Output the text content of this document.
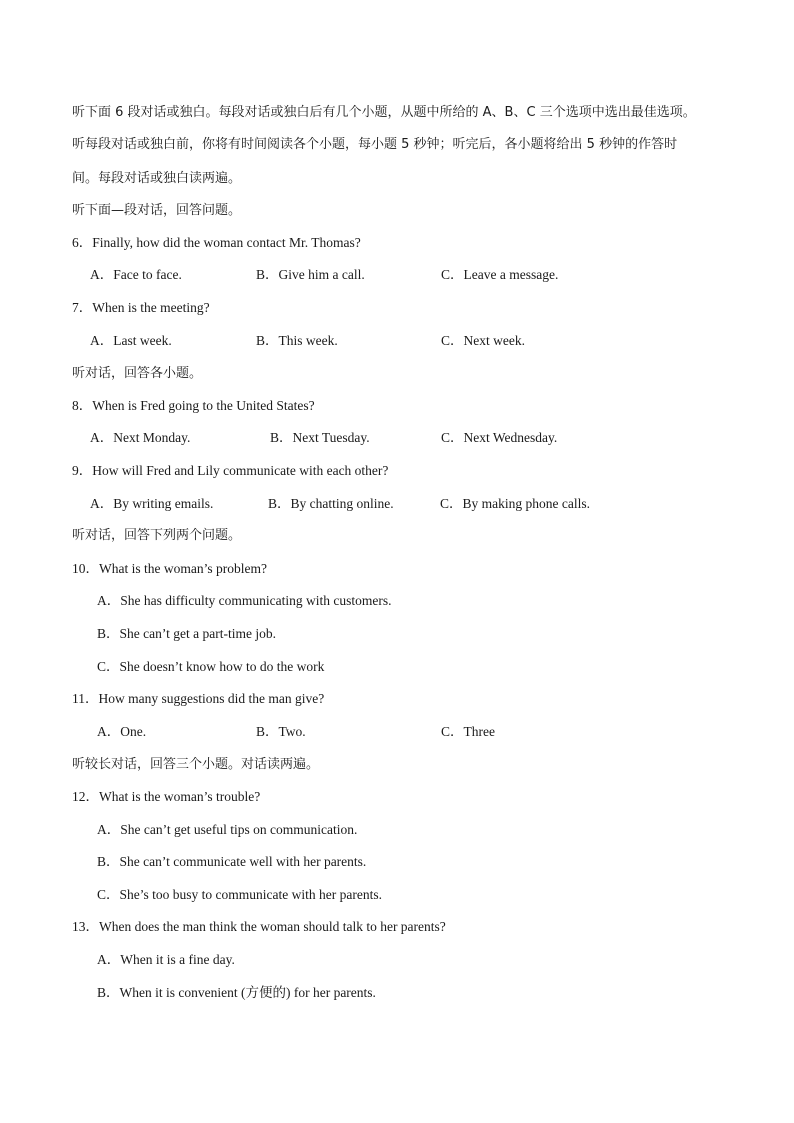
听下面 6 段对话或独白。每段对话或独白后有几个小题，从题中所给的 A、B、C 三个选项中选出最佳选项。
听每段对话或独白前，你将有时间阅读各个小题，每小题 5 秒钟；听完后，各小题将给出 5 秒钟的作答时
间。每段对话或独白读两遍。
听下面—段对话，回答问题。
6．Finally, how did the woman contact Mr. Thomas?
A．Face to face.	B．Give him a call.	C．Leave a message.
7．When is the meeting?
A．Last week.	B．This week.	C．Next week.
听对话，回答各小题。
8．When is Fred going to the United States?
A．Next Monday.	B．Next Tuesday.	C．Next Wednesday.
9．How will Fred and Lily communicate with each other?
A．By writing emails.	B．By chatting online.	C．By making phone calls.
听对话，回答下列两个问题。
10．What is the woman’s problem?
A．She has difficulty communicating with customers.
B．She can’t get a part-time job.
C．She doesn’t know how to do the work
11．How many suggestions did the man give?
A．One.	B．Two.	C．Three
听较长对话，回答三个小题。对话读两遍。
12．What is the woman’s trouble?
A．She can’t get useful tips on communication.
B．She can’t communicate well with her parents.
C．She’s too busy to communicate with her parents.
13．When does the man think the woman should talk to her parents?
A．When it is a fine day.
B．When it is convenient (方便的) for her parents.
